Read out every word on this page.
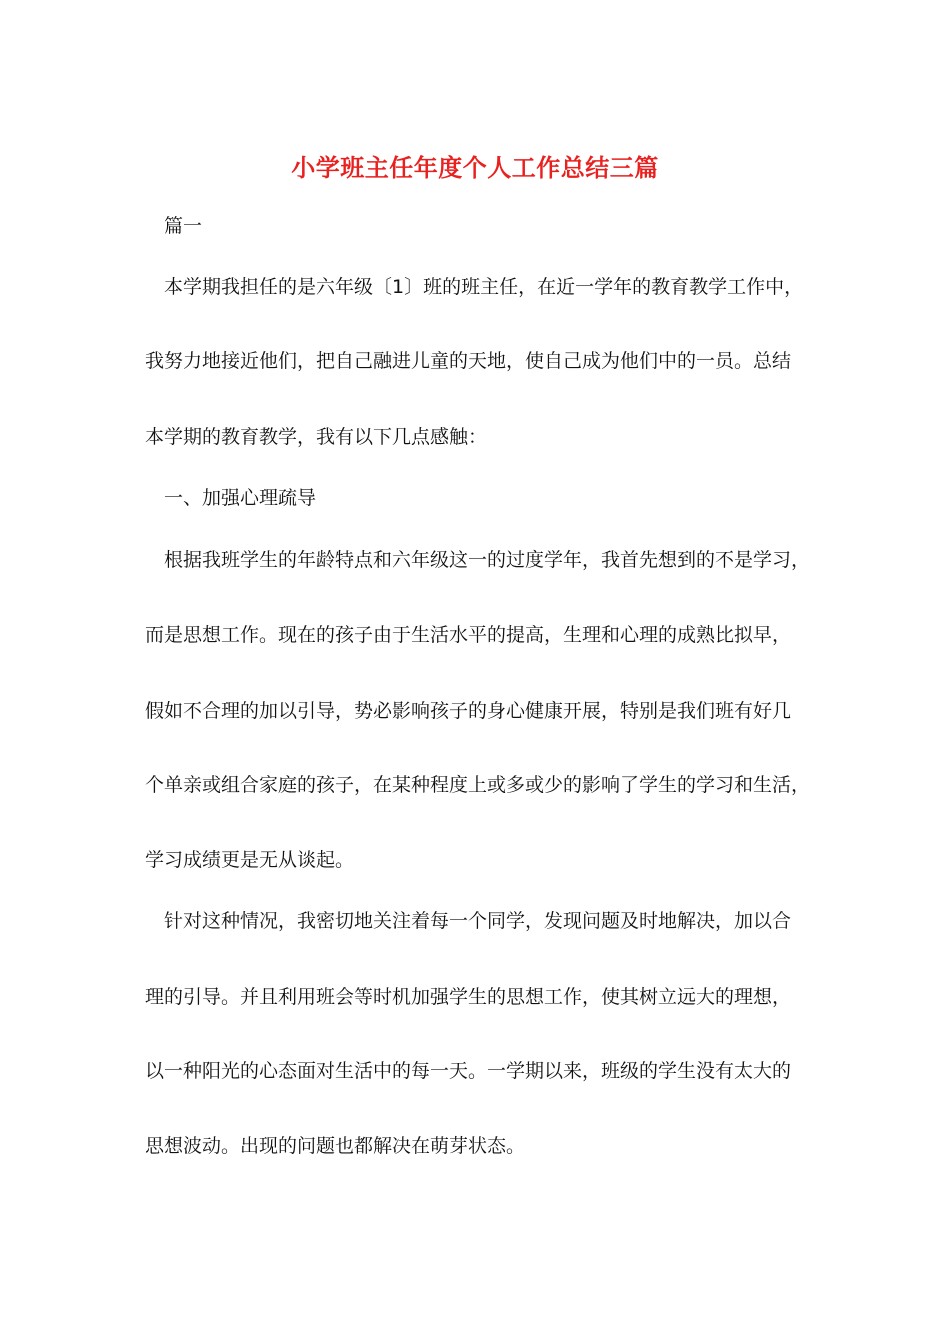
小学班主任年度个人工作总结三篇
篇一
本学期我担任的是六年级〔1〕班的班主任，在近一学年的教育教学工作中，
我努力地接近他们，把自己融进儿童的天地，使自己成为他们中的一员。总结
本学期的教育教学，我有以下几点感触：
一、加强心理疏导
根据我班学生的年龄特点和六年级这一的过度学年，我首先想到的不是学习，
而是思想工作。现在的孩子由于生活水平的提高，生理和心理的成熟比拟早，
假如不合理的加以引导，势必影响孩子的身心健康开展，特别是我们班有好几
个单亲或组合家庭的孩子，在某种程度上或多或少的影响了学生的学习和生活，
学习成绩更是无从谈起。
针对这种情况，我密切地关注着每一个同学，发现问题及时地解决，加以合
理的引导。并且利用班会等时机加强学生的思想工作，使其树立远大的理想，
以一种阳光的心态面对生活中的每一天。一学期以来，班级的学生没有太大的
思想波动。出现的问题也都解决在萌芽状态。
